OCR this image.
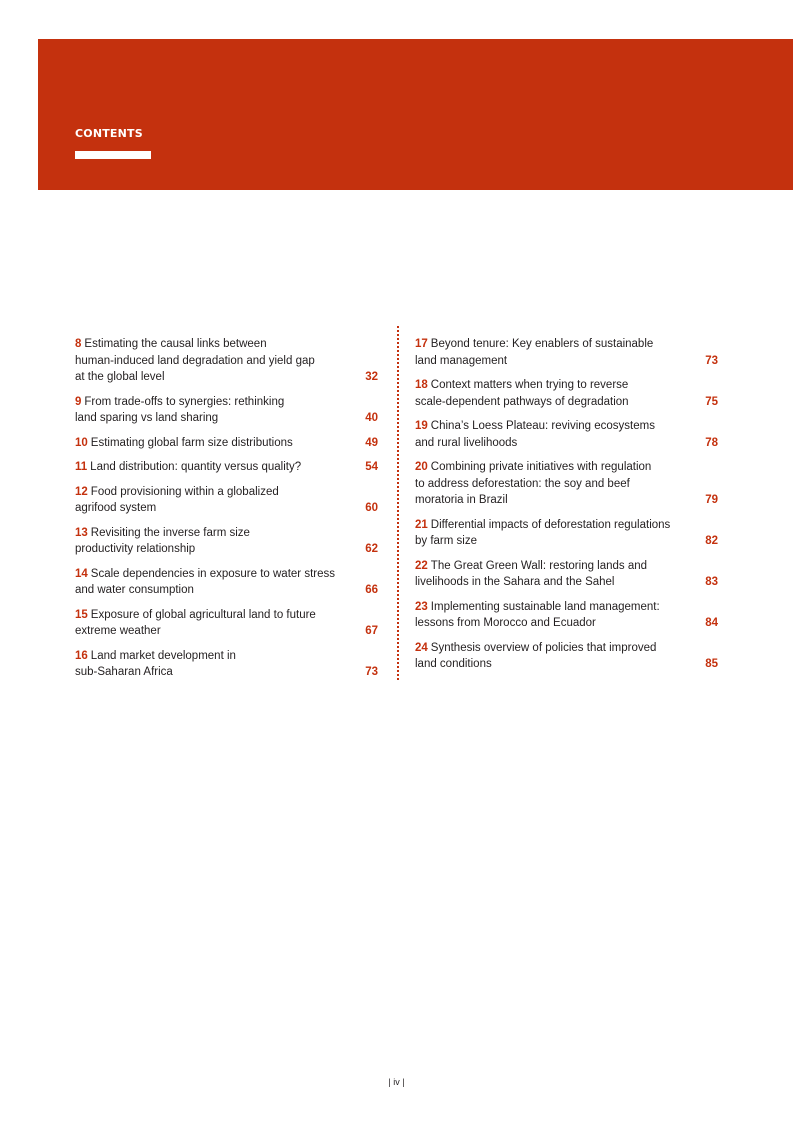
CONTENTS
8 Estimating the causal links between
human-induced land degradation and yield gap
at the global level	32
9 From trade-offs to synergies: rethinking
land sparing vs land sharing	40
10 Estimating global farm size distributions	49
11 Land distribution: quantity versus quality?	54
12 Food provisioning within a globalized
agrifood system	60
13 Revisiting the inverse farm size
productivity relationship	62
14 Scale dependencies in exposure to water stress
and water consumption	66
15 Exposure of global agricultural land to future
extreme weather	67
16 Land market development in
sub-Saharan Africa	73
17 Beyond tenure: Key enablers of sustainable
land management	73
18 Context matters when trying to reverse
scale-dependent pathways of degradation	75
19 China’s Loess Plateau: reviving ecosystems
and rural livelihoods	78
20 Combining private initiatives with regulation
to address deforestation: the soy and beef
moratoria in Brazil	79
21 Differential impacts of deforestation regulations
by farm size	82
22 The Great Green Wall: restoring lands and
livelihoods in the Sahara and the Sahel	83
23 Implementing sustainable land management:
lessons from Morocco and Ecuador	84
24 Synthesis overview of policies that improved
land conditions	85
| iv |
